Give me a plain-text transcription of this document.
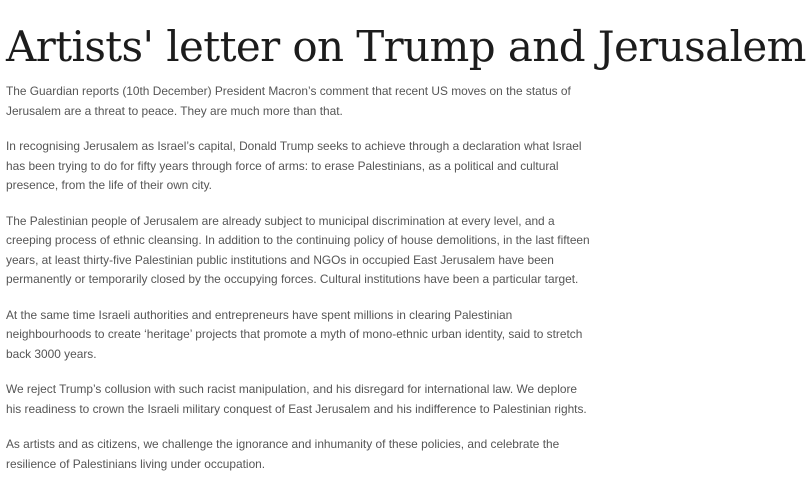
Artists' letter on Trump and Jerusalem

The Guardian reports (10th December) President Macron’s comment that recent US moves on the status of Jerusalem are a threat to peace. They are much more than that.

In recognising Jerusalem as Israel’s capital, Donald Trump seeks to achieve through a declaration what Israel has been trying to do for fifty years through force of arms: to erase Palestinians, as a political and cultural presence, from the life of their own city.

The Palestinian people of Jerusalem are already subject to municipal discrimination at every level, and a creeping process of ethnic cleansing. In addition to the continuing policy of house demolitions, in the last fifteen years, at least thirty-five Palestinian public institutions and NGOs in occupied East Jerusalem have been permanently or temporarily closed by the occupying forces. Cultural institutions have been a particular target.

At the same time Israeli authorities and entrepreneurs have spent millions in clearing Palestinian neighbourhoods to create ‘heritage’ projects that promote a myth of mono-ethnic urban identity, said to stretch back 3000 years.

We reject Trump’s collusion with such racist manipulation, and his disregard for international law. We deplore his readiness to crown the Israeli military conquest of East Jerusalem and his indifference to Palestinian rights.

As artists and as citizens, we challenge the ignorance and inhumanity of these policies, and celebrate the resilience of Palestinians living under occupation.
